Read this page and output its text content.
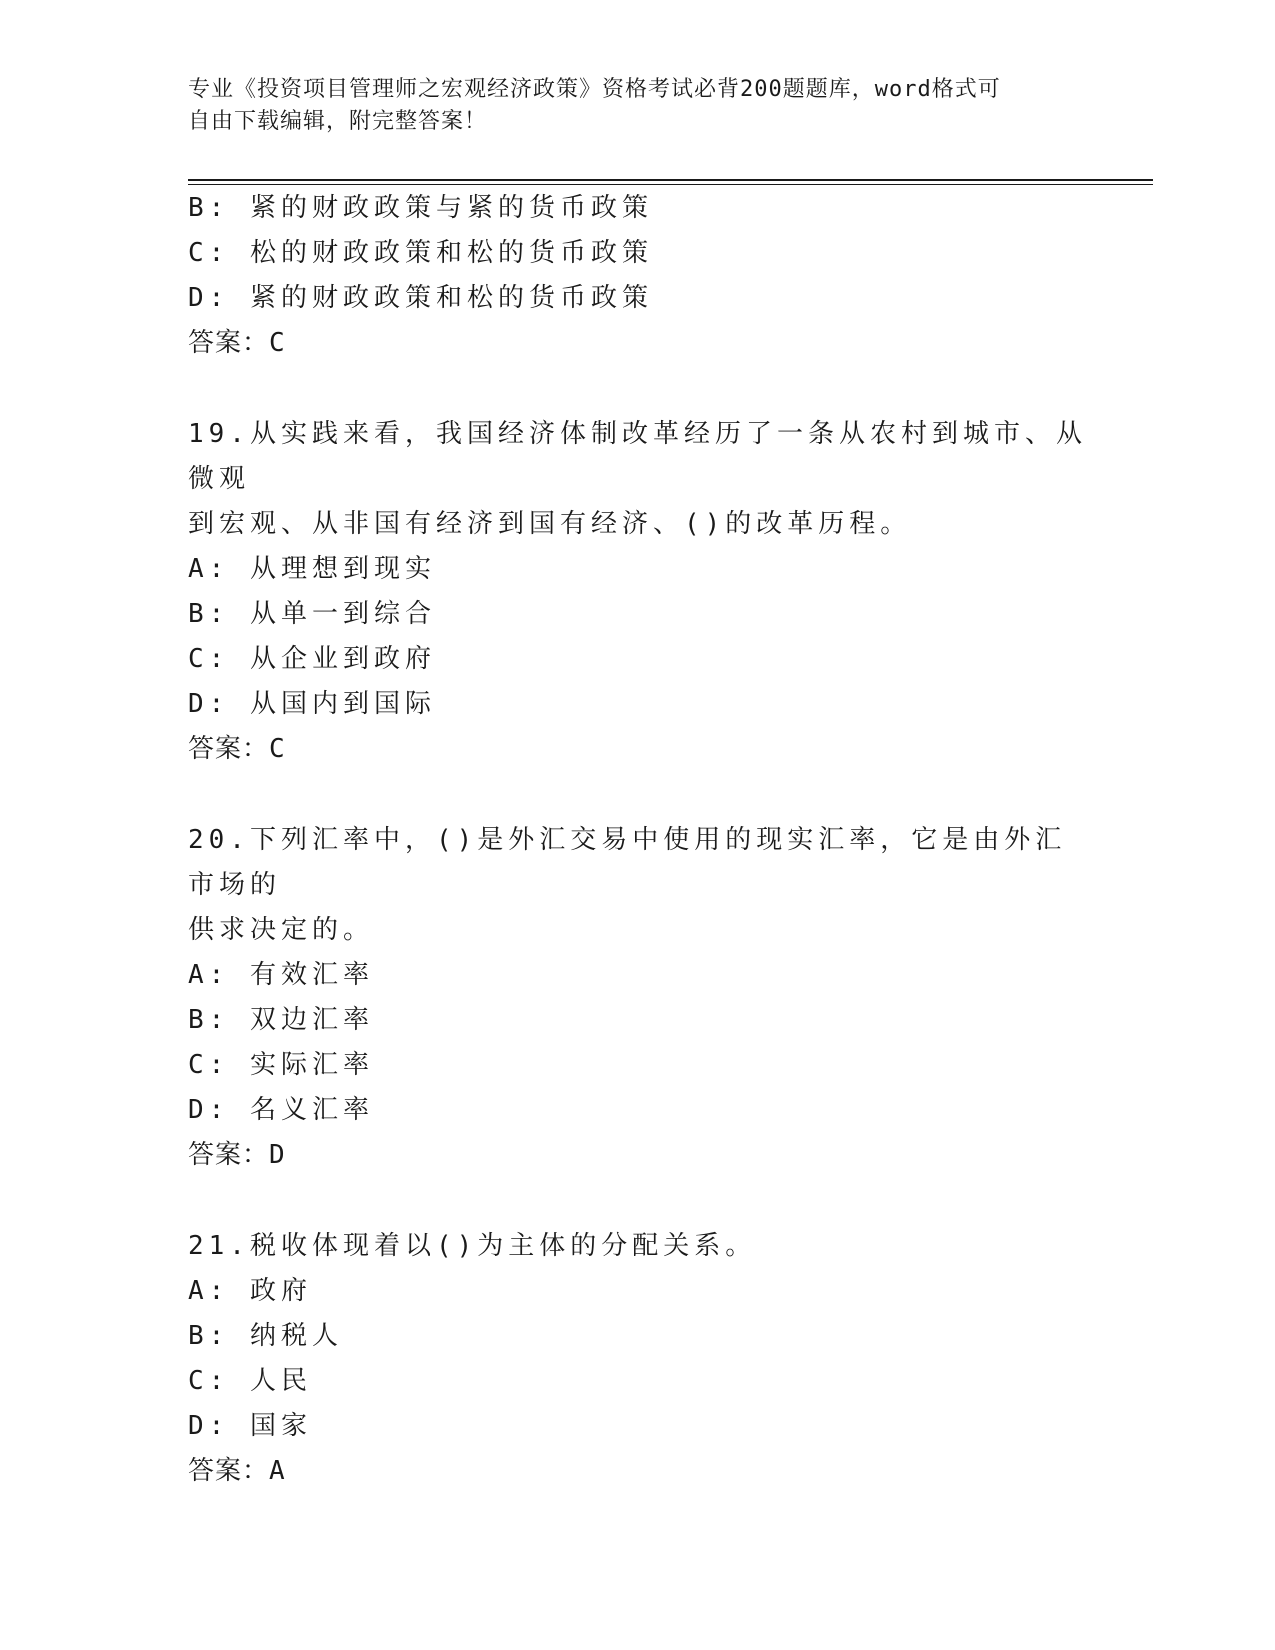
专业《投资项目管理师之宏观经济政策》资格考试必背200题题库，word格式可
自由下载编辑，附完整答案！
B: 紧的财政政策与紧的货币政策
C: 松的财政政策和松的货币政策
D: 紧的财政政策和松的货币政策
答案：C
19.从实践来看，我国经济体制改革经历了一条从农村到城市、从微观
到宏观、从非国有经济到国有经济、()的改革历程。
A: 从理想到现实
B: 从单一到综合
C: 从企业到政府
D: 从国内到国际
答案：C
20.下列汇率中，()是外汇交易中使用的现实汇率，它是由外汇市场的
供求决定的。
A: 有效汇率
B: 双边汇率
C: 实际汇率
D: 名义汇率
答案：D
21.税收体现着以()为主体的分配关系。
A: 政府
B: 纳税人
C: 人民
D: 国家
答案：A
